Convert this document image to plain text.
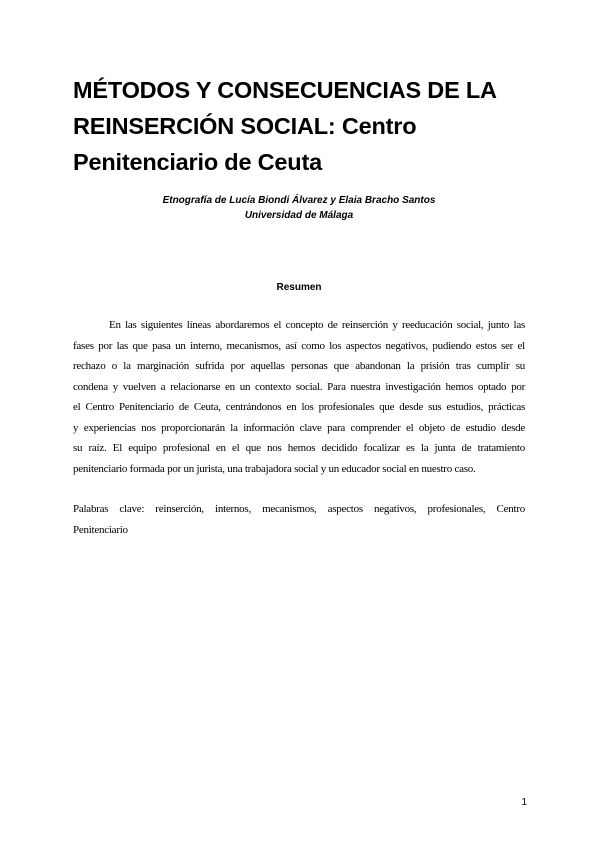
MÉTODOS Y CONSECUENCIAS DE LA REINSERCIÓN SOCIAL: Centro Penitenciario de Ceuta
Etnografía de Lucía Biondi Álvarez y Elaia Bracho Santos
Universidad de Málaga
Resumen

En las siguientes líneas abordaremos el concepto de reinserción y reeducación social, junto las
fases por las que pasa un interno, mecanismos, así como los aspectos negativos, pudiendo estos ser el
rechazo o la marginación sufrida por aquellas personas que abandonan la prisión tras cumplir su
condena y vuelven a relacionarse en un contexto social. Para nuestra investigación hemos optado por
el Centro Penitenciario de Ceuta, centrándonos en los profesionales que desde sus estudios, prácticas
y experiencias nos proporcionarán la información clave para comprender el objeto de estudio desde
su raíz. El equipo profesional en el que nos hemos decidido focalizar es la junta de tratamiento
penitenciario formada por un jurista, una trabajadora social y un educador social en nuestro caso.

Palabras clave: reinserción, internos, mecanismos, aspectos negativos, profesionales, Centro
Penitenciario

1
